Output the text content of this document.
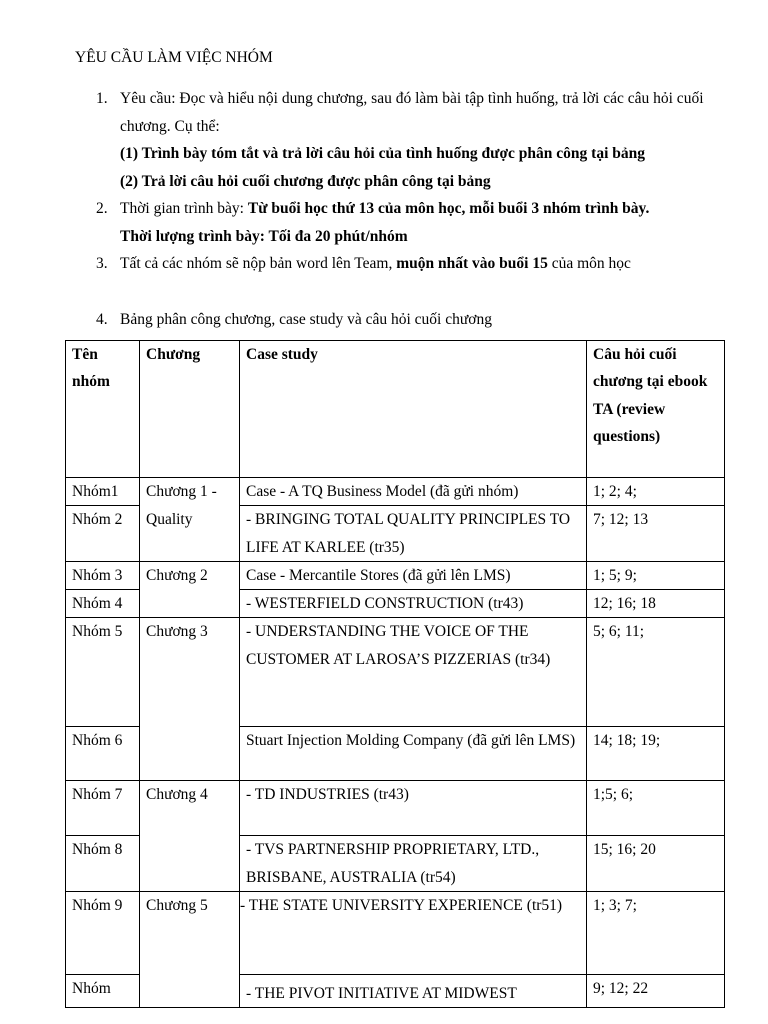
YÊU CẦU LÀM VIỆC NHÓM
1. Yêu cầu: Đọc và hiểu nội dung chương, sau đó làm bài tập tình huống, trả lời các câu hỏi cuối chương. Cụ thể:
(1) Trình bày tóm tắt và trả lời câu hỏi của tình huống được phân công tại bảng
(2) Trả lời câu hỏi cuối chương được phân công tại bảng
2. Thời gian trình bày: Từ buổi học thứ 13 của môn học, mỗi buổi 3 nhóm trình bày.
Thời lượng trình bày: Tối đa 20 phút/nhóm
3. Tất cả các nhóm sẽ nộp bản word lên Team, muộn nhất vào buổi 15 của môn học
4. Bảng phân công chương, case study và câu hỏi cuối chương
Tên nhóm	Chương	Case study	Câu hỏi cuối chương tại ebook TA (review questions)
Nhóm1	Chương 1 -	Case - A TQ Business Model (đã gửi nhóm)	1; 2; 4;
Nhóm 2	Quality	- BRINGING TOTAL QUALITY PRINCIPLES TO LIFE AT KARLEE (tr35)	7; 12; 13
Nhóm 3	Chương 2	Case - Mercantile Stores (đã gửi lên LMS)	1; 5; 9;
Nhóm 4		- WESTERFIELD CONSTRUCTION (tr43)	12; 16; 18
Nhóm 5	Chương 3	- UNDERSTANDING THE VOICE OF THE CUSTOMER AT LAROSA’S PIZZERIAS (tr34)	5; 6; 11;
Nhóm 6		Stuart Injection Molding Company (đã gửi lên LMS)	14; 18; 19;
Nhóm 7	Chương 4	- TD INDUSTRIES (tr43)	1;5; 6;
Nhóm 8		- TVS PARTNERSHIP PROPRIETARY, LTD., BRISBANE, AUSTRALIA (tr54)	15; 16; 20
Nhóm 9	Chương 5	- THE STATE UNIVERSITY EXPERIENCE (tr51)	1; 3; 7;
Nhóm		- THE PIVOT INITIATIVE AT MIDWEST	9; 12; 22
